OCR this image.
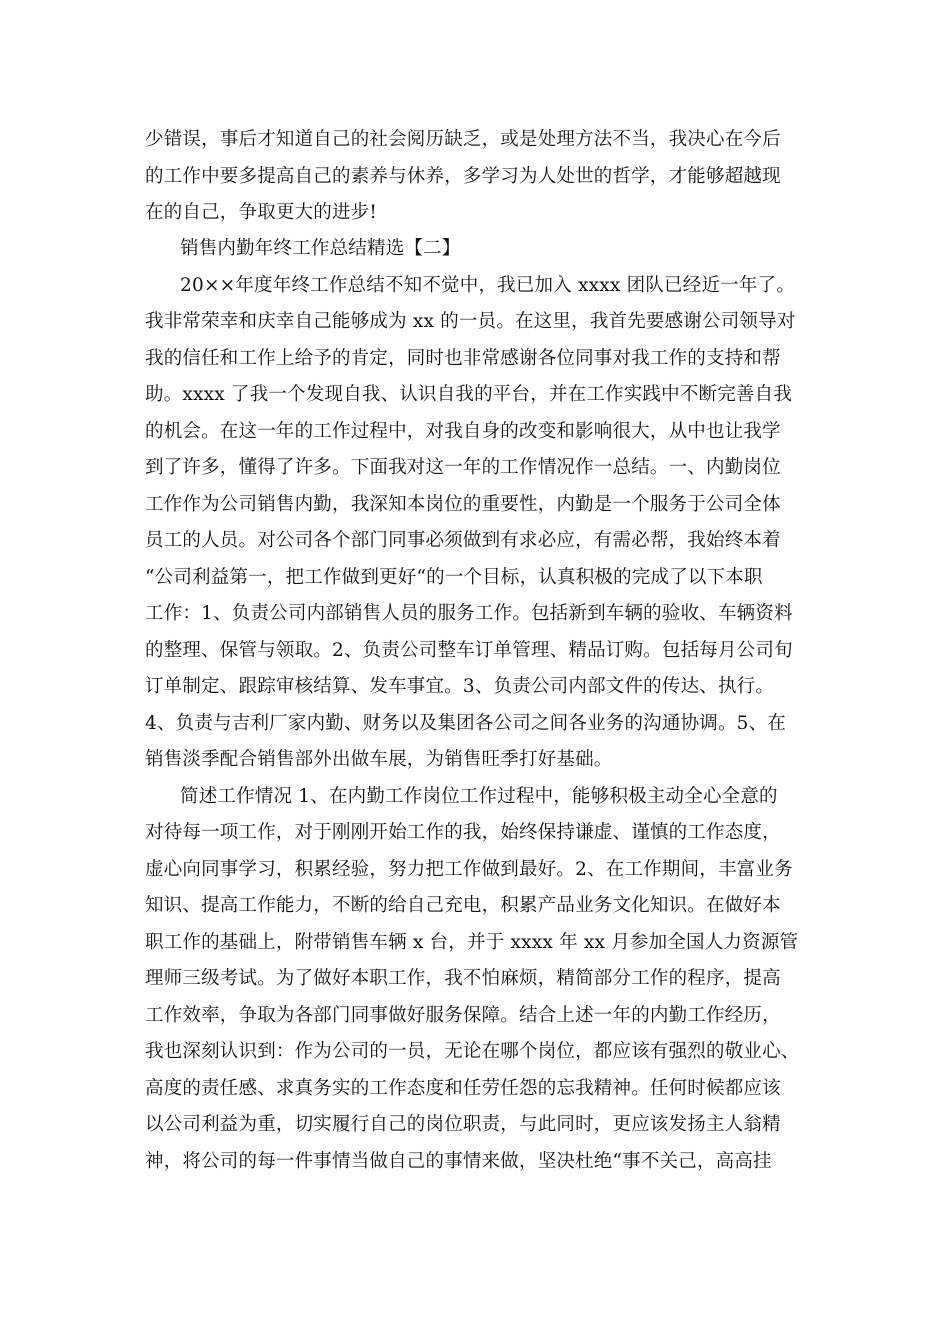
少错误，事后才知道自己的社会阅历缺乏，或是处理方法不当，我决心在今后
的工作中要多提高自己的素养与休养，多学习为人处世的哲学，才能够超越现
在的自己，争取更大的进步!
销售内勤年终工作总结精选【二】
20××年度年终工作总结不知不觉中，我已加入 xxxx 团队已经近一年了。
我非常荣幸和庆幸自己能够成为 xx 的一员。在这里，我首先要感谢公司领导对
我的信任和工作上给予的肯定，同时也非常感谢各位同事对我工作的支持和帮
助。xxxx 了我一个发现自我、认识自我的平台，并在工作实践中不断完善自我
的机会。在这一年的工作过程中，对我自身的改变和影响很大，从中也让我学
到了许多，懂得了许多。下面我对这一年的工作情况作一总结。一、内勤岗位
工作作为公司销售内勤，我深知本岗位的重要性，内勤是一个服务于公司全体
员工的人员。对公司各个部门同事必须做到有求必应，有需必帮，我始终本着
“公司利益第一，把工作做到更好“的一个目标，认真积极的完成了以下本职
工作：1、负责公司内部销售人员的服务工作。包括新到车辆的验收、车辆资料
的整理、保管与领取。2、负责公司整车订单管理、精品订购。包括每月公司旬
订单制定、跟踪审核结算、发车事宜。3、负责公司内部文件的传达、执行。
4、负责与吉利厂家内勤、财务以及集团各公司之间各业务的沟通协调。5、在
销售淡季配合销售部外出做车展，为销售旺季打好基础。
简述工作情况 1、在内勤工作岗位工作过程中，能够积极主动全心全意的
对待每一项工作，对于刚刚开始工作的我，始终保持谦虚、谨慎的工作态度，
虚心向同事学习，积累经验，努力把工作做到最好。2、在工作期间，丰富业务
知识、提高工作能力，不断的给自己充电，积累产品业务文化知识。在做好本
职工作的基础上，附带销售车辆 x 台，并于 xxxx 年 xx 月参加全国人力资源管
理师三级考试。为了做好本职工作，我不怕麻烦，精简部分工作的程序，提高
工作效率，争取为各部门同事做好服务保障。结合上述一年的内勤工作经历，
我也深刻认识到：作为公司的一员，无论在哪个岗位，都应该有强烈的敬业心、
高度的责任感、求真务实的工作态度和任劳任怨的忘我精神。任何时候都应该
以公司利益为重，切实履行自己的岗位职责，与此同时，更应该发扬主人翁精
神，将公司的每一件事情当做自己的事情来做，坚决杜绝“事不关己，高高挂
